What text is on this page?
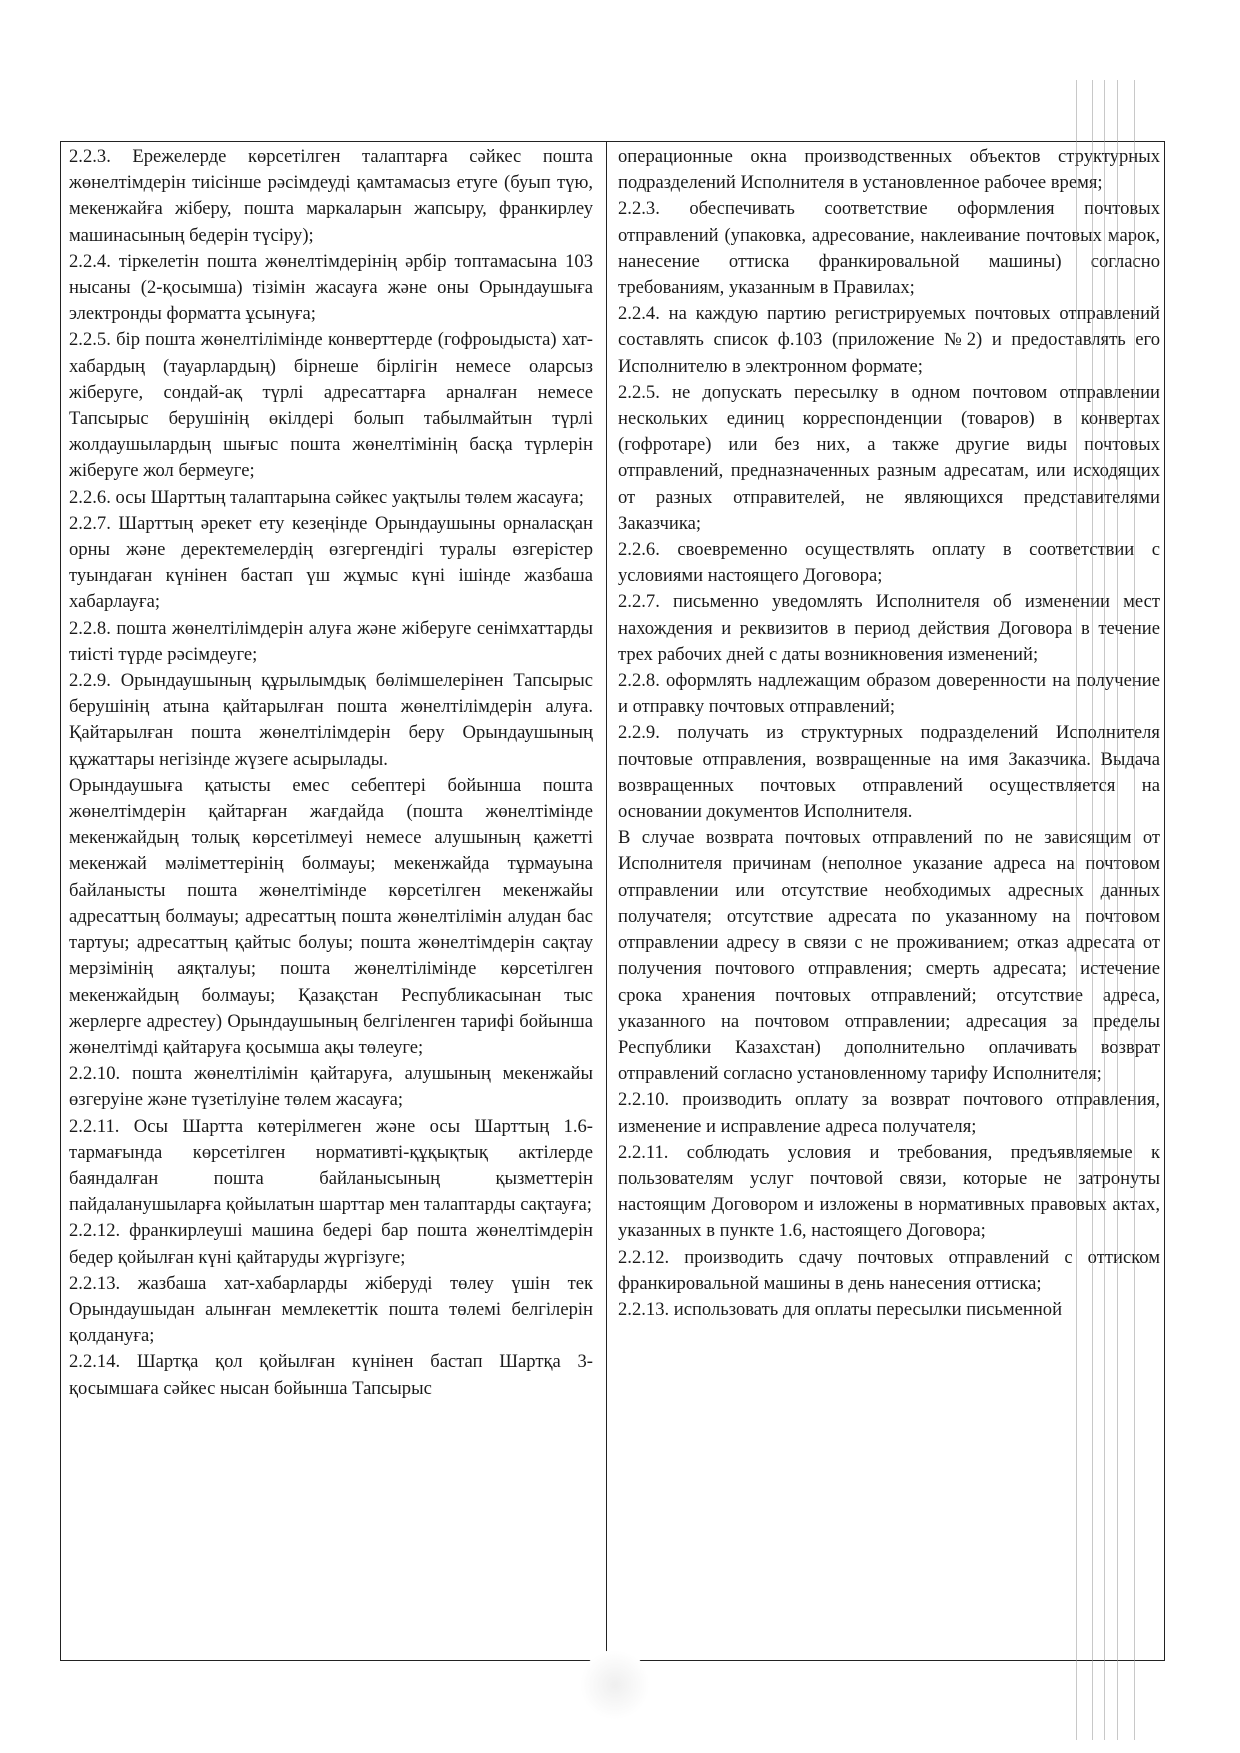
2.2.3. Ережелерде көрсетілген талаптарға сәйкес пошта жөнелтімдерін тиісінше рәсімдеуді қамтамасыз етуге (буып түю, мекенжайға жіберу, пошта маркаларын жапсыру, франкирлеу машинасының бедерін түсіру);

2.2.4. тіркелетін пошта жөнелтімдерінің әрбір топтамасына 103 нысаны (2-қосымша) тізімін жасауға және оны Орындаушыға электронды форматта ұсынуға;

2.2.5. бір пошта жөнелтілімінде конверттерде (гофроыдыста) хат-хабардың (тауарлардың) бірнеше бірлігін немесе оларсыз жіберуге, сондай-ақ түрлі адресаттарға арналған немесе Тапсырыс берушінің өкілдері болып табылмайтын түрлі жолдаушылардың шығыс пошта жөнелтімінің басқа түрлерін жіберуге жол бермеуге;

2.2.6. осы Шарттың талаптарына сәйкес уақтылы төлем жасауға;

2.2.7. Шарттың әрекет ету кезеңінде Орындаушыны орналасқан орны және деректемелердің өзгергендігі туралы өзгерістер туындаған күнінен бастап үш жұмыс күні ішінде жазбаша хабарлауға;

2.2.8. пошта жөнелтілімдерін алуға және жіберуге сенімхаттарды тиісті түрде рәсімдеуге;

2.2.9. Орындаушының құрылымдық бөлімшелерінен Тапсырыс берушінің атына қайтарылған пошта жөнелтілімдерін алуға. Қайтарылған пошта жөнелтілімдерін беру Орындаушының құжаттары негізінде жүзеге асырылады.

Орындаушыға қатысты емес себептері бойынша пошта жөнелтімдерін қайтарған жағдайда (пошта жөнелтімінде мекенжайдың толық көрсетілмеуі немесе алушының қажетті мекенжай мәліметтерінің болмауы; мекенжайда тұрмауына байланысты пошта жөнелтімінде көрсетілген мекенжайы адресаттың болмауы; адресаттың пошта жөнелтілімін алудан бас тартуы; адресаттың қайтыс болуы; пошта жөнелтімдерін сақтау мерзімінің аяқталуы; пошта жөнелтілімінде көрсетілген мекенжайдың болмауы; Қазақстан Республикасынан тыс жерлерге адрестеу) Орындаушының белгіленген тарифі бойынша жөнелтімді қайтаруға қосымша ақы төлеуге;

2.2.10. пошта жөнелтілімін қайтаруға, алушының мекенжайы өзгеруіне және түзетілуіне төлем жасауға;

2.2.11. Осы Шартта көтерілмеген және осы Шарттың 1.6-тармағында көрсетілген нормативті-құқықтық актілерде баяндалған пошта байланысының қызметтерін пайдаланушыларға қойылатын шарттар мен талаптарды сақтауға;

2.2.12. франкирлеуші машина бедері бар пошта жөнелтімдерін бедер қойылған күні қайтаруды жүргізуге;

2.2.13. жазбаша хат-хабарларды жіберуді төлеу үшін тек Орындаушыдан алынған мемлекеттік пошта төлемі белгілерін қолдануға;

2.2.14. Шартқа қол қойылған күнінен бастап Шартқа 3-қосымшаға сәйкес нысан бойынша Тапсырыс

операционные окна производственных объектов структурных подразделений Исполнителя в установленное рабочее время;

2.2.3. обеспечивать соответствие оформления почтовых отправлений (упаковка, адресование, наклеивание почтовых марок, нанесение оттиска франкировальной машины) согласно требованиям, указанным в Правилах;

2.2.4. на каждую партию регистрируемых почтовых отправлений составлять список ф.103 (приложение №2) и предоставлять его Исполнителю в электронном формате;

2.2.5. не допускать пересылку в одном почтовом отправлении нескольких единиц корреспонденции (товаров) в конвертах (гофротаре) или без них, а также другие виды почтовых отправлений, предназначенных разным адресатам, или исходящих от разных отправителей, не являющихся представителями Заказчика;

2.2.6. своевременно осуществлять оплату в соответствии с условиями настоящего Договора;

2.2.7. письменно уведомлять Исполнителя об изменении мест нахождения и реквизитов в период действия Договора в течение трех рабочих дней с даты возникновения изменений;

2.2.8. оформлять надлежащим образом доверенности на получение и отправку почтовых отправлений;

2.2.9. получать из структурных подразделений Исполнителя почтовые отправления, возвращенные на имя Заказчика. Выдача возвращенных почтовых отправлений осуществляется на основании документов Исполнителя.

В случае возврата почтовых отправлений по не зависящим от Исполнителя причинам (неполное указание адреса на почтовом отправлении или отсутствие необходимых адресных данных получателя; отсутствие адресата по указанному на почтовом отправлении адресу в связи с не проживанием; отказ адресата от получения почтового отправления; смерть адресата; истечение срока хранения почтовых отправлений; отсутствие адреса, указанного на почтовом отправлении; адресация за пределы Республики Казахстан) дополнительно оплачивать возврат отправлений согласно установленному тарифу Исполнителя;

2.2.10. производить оплату за возврат почтового отправления, изменение и исправление адреса получателя;

2.2.11. соблюдать условия и требования, предъявляемые к пользователям услуг почтовой связи, которые не затронуты настоящим Договором и изложены в нормативных правовых актах, указанных в пункте 1.6, настоящего Договора;

2.2.12. производить сдачу почтовых отправлений с оттиском франкировальной машины в день нанесения оттиска;

2.2.13. использовать для оплаты пересылки письменной
